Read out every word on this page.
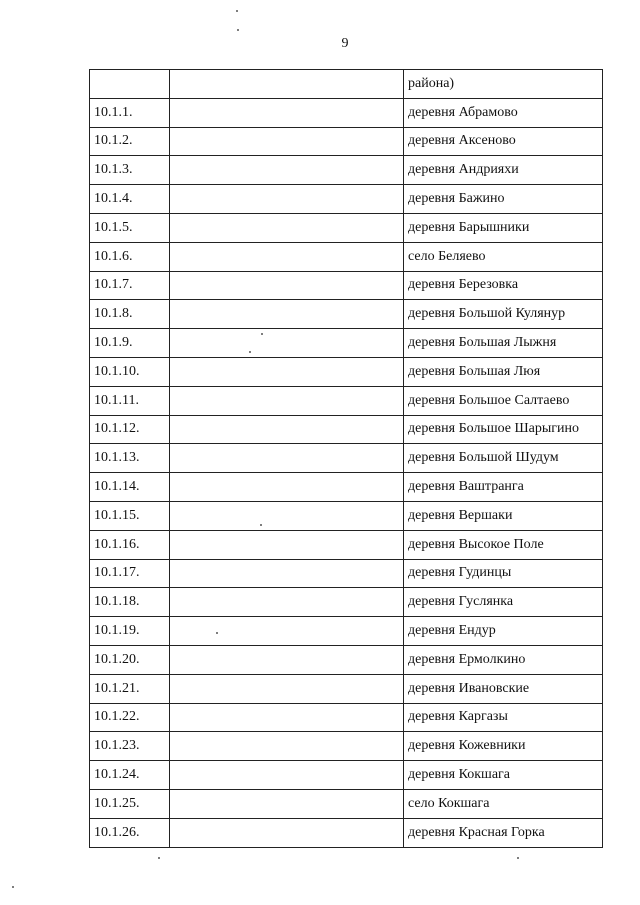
9
		района)
10.1.1.		деревня Абрамово
10.1.2.		деревня Аксеново
10.1.3.		деревня Андрияхи
10.1.4.		деревня Бажино
10.1.5.		деревня Барышники
10.1.6.		село Беляево
10.1.7.		деревня Березовка
10.1.8.		деревня Большой Кулянур
10.1.9.		деревня Большая Лыжня
10.1.10.		деревня Большая Люя
10.1.11.		деревня Большое Салтаево
10.1.12.		деревня Большое Шарыгино
10.1.13.		деревня Большой Шудум
10.1.14.		деревня Ваштранга
10.1.15.		деревня Вершаки
10.1.16.		деревня Высокое Поле
10.1.17.		деревня Гудинцы
10.1.18.		деревня Гуслянка
10.1.19.		деревня Ендур
10.1.20.		деревня Ермолкино
10.1.21.		деревня Ивановские
10.1.22.		деревня Каргазы
10.1.23.		деревня Кожевники
10.1.24.		деревня Кокшага
10.1.25.		село Кокшага
10.1.26.		деревня Красная Горка
